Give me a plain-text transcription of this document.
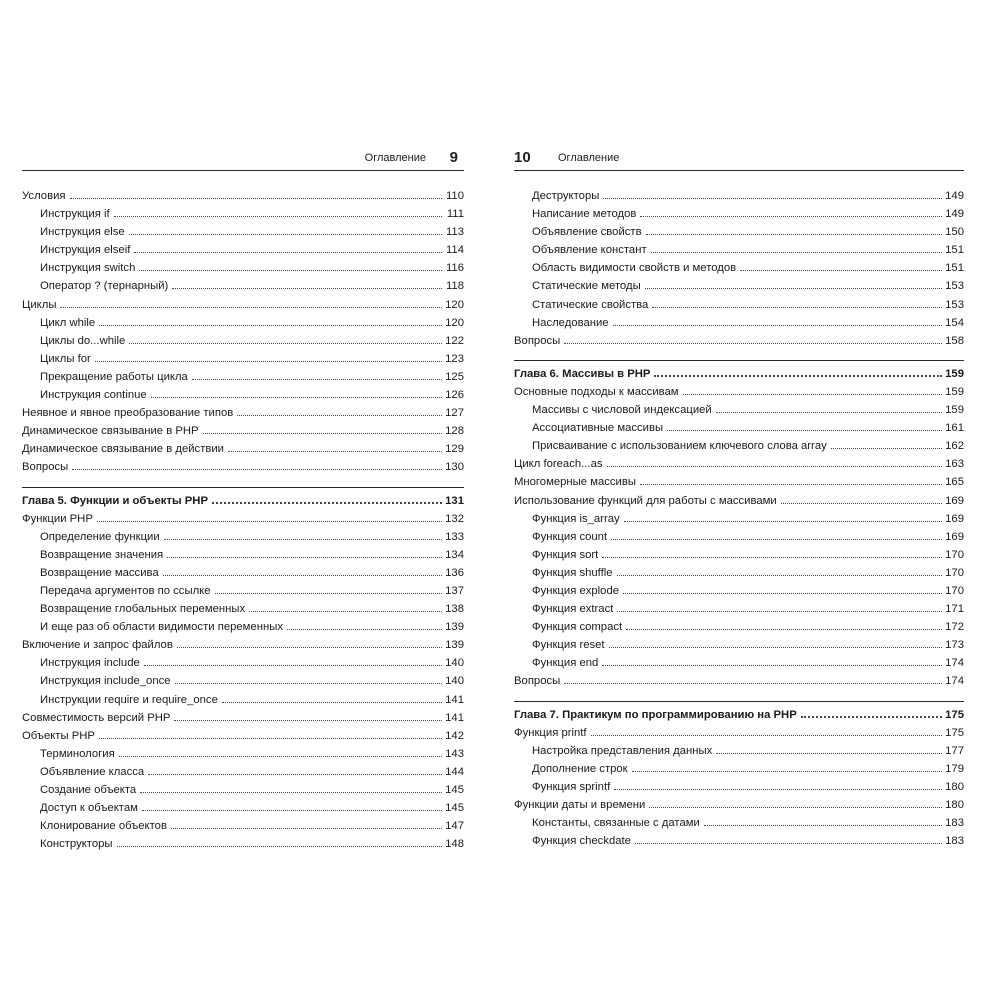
Оглавление 9
Условия	110
Инструкция if	111
Инструкция else	113
Инструкция elseif	114
Инструкция switch	116
Оператор ? (тернарный)	118
Циклы	120
Цикл while	120
Циклы do...while	122
Циклы for	123
Прекращение работы цикла	125
Инструкция continue	126
Неявное и явное преобразование типов	127
Динамическое связывание в PHP	128
Динамическое связывание в действии	129
Вопросы	130
Глава 5. Функции и объекты PHP	131
Функции PHP	132
Определение функции	133
Возвращение значения	134
Возвращение массива	136
Передача аргументов по ссылке	137
Возвращение глобальных переменных	138
И еще раз об области видимости переменных	139
Включение и запрос файлов	139
Инструкция include	140
Инструкция include_once	140
Инструкции require и require_once	141
Совместимость версий PHP	141
Объекты PHP	142
Терминология	143
Объявление класса	144
Создание объекта	145
Доступ к объектам	145
Клонирование объектов	147
Конструкторы	148
10 Оглавление
Деструкторы	149
Написание методов	149
Объявление свойств	150
Объявление констант	151
Область видимости свойств и методов	151
Статические методы	153
Статические свойства	153
Наследование	154
Вопросы	158
Глава 6. Массивы в PHP	159
Основные подходы к массивам	159
Массивы с числовой индексацией	159
Ассоциативные массивы	161
Присваивание с использованием ключевого слова array	162
Цикл foreach...as	163
Многомерные массивы	165
Использование функций для работы с массивами	169
Функция is_array	169
Функция count	169
Функция sort	170
Функция shuffle	170
Функция explode	170
Функция extract	171
Функция compact	172
Функция reset	173
Функция end	174
Вопросы	174
Глава 7. Практикум по программированию на PHP	175
Функция printf	175
Настройка представления данных	177
Дополнение строк	179
Функция sprintf	180
Функции даты и времени	180
Константы, связанные с датами	183
Функция checkdate	183
